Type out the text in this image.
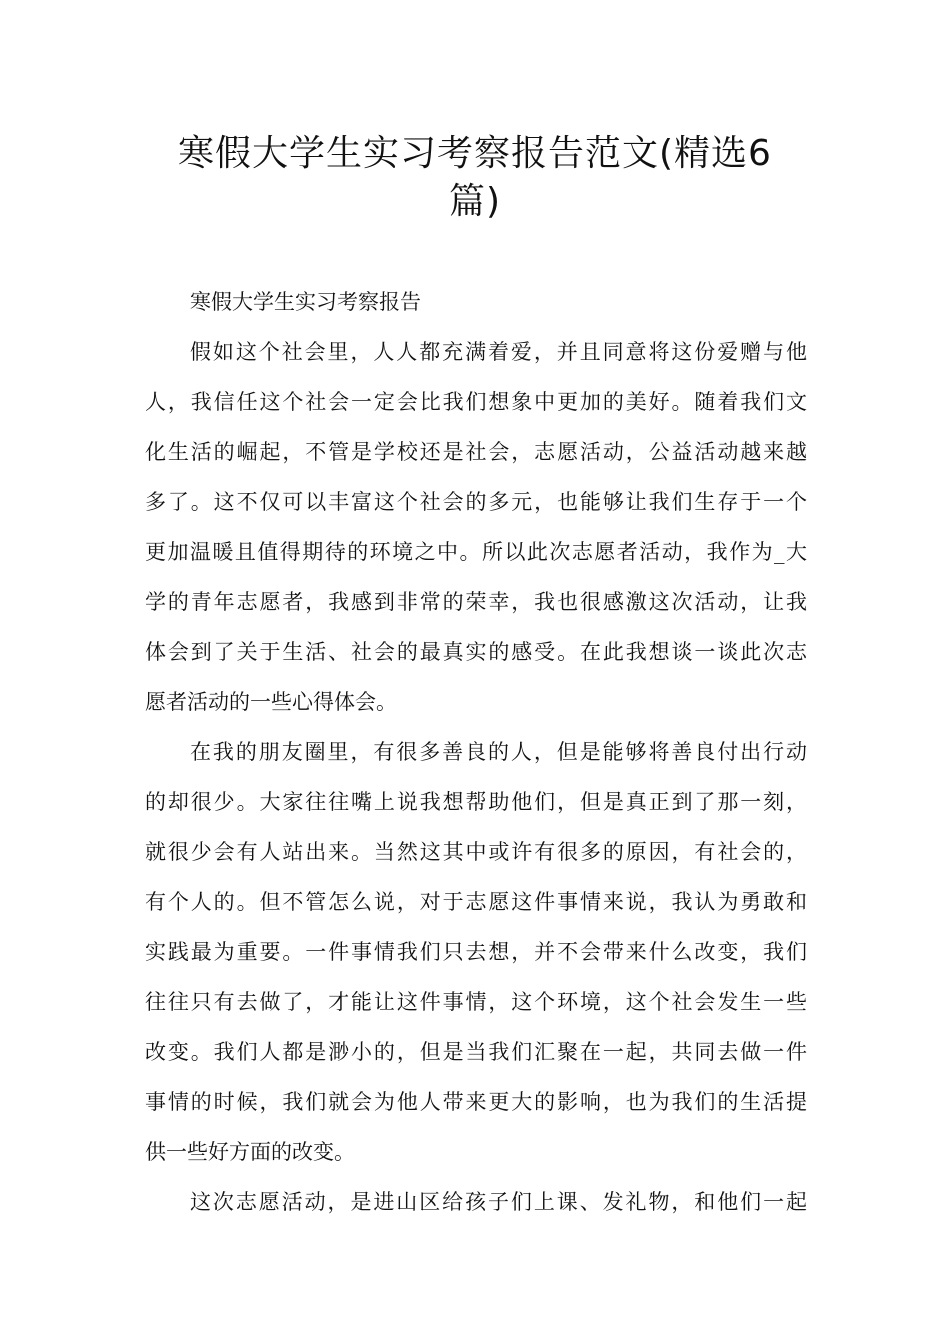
寒假大学生实习考察报告范文(精选6
篇)
寒假大学生实习考察报告
假如这个社会里，人人都充满着爱，并且同意将这份爱赠与他
人，我信任这个社会一定会比我们想象中更加的美好。随着我们文
化生活的崛起，不管是学校还是社会，志愿活动，公益活动越来越
多了。这不仅可以丰富这个社会的多元，也能够让我们生存于一个
更加温暖且值得期待的环境之中。所以此次志愿者活动，我作为_大
学的青年志愿者，我感到非常的荣幸，我也很感激这次活动，让我
体会到了关于生活、社会的最真实的感受。在此我想谈一谈此次志
愿者活动的一些心得体会。
在我的朋友圈里，有很多善良的人，但是能够将善良付出行动
的却很少。大家往往嘴上说我想帮助他们，但是真正到了那一刻，
就很少会有人站出来。当然这其中或许有很多的原因，有社会的，
有个人的。但不管怎么说，对于志愿这件事情来说，我认为勇敢和
实践最为重要。一件事情我们只去想，并不会带来什么改变，我们
往往只有去做了，才能让这件事情，这个环境，这个社会发生一些
改变。我们人都是渺小的，但是当我们汇聚在一起，共同去做一件
事情的时候，我们就会为他人带来更大的影响，也为我们的生活提
供一些好方面的改变。
这次志愿活动，是进山区给孩子们上课、发礼物，和他们一起
